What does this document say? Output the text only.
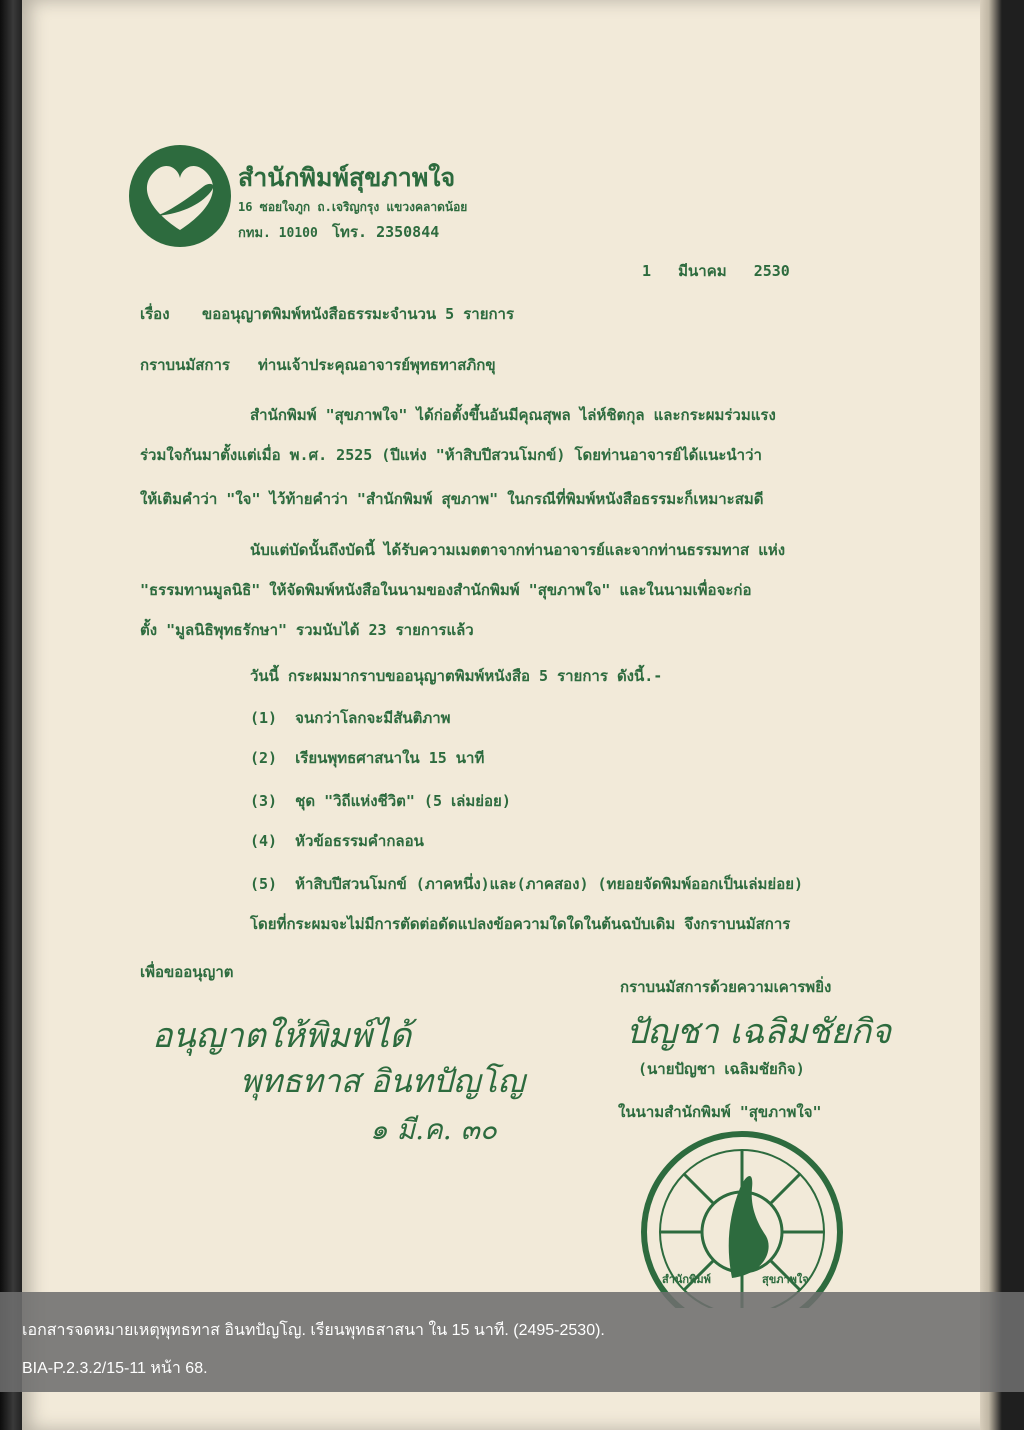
สำนักพิมพ์สุขภาพใจ
16 ซอยใจภูก ถ.เจริญกรุง แขวงคลาดน้อย
กทม. 10100 โทร. 2350844
1   มีนาคม   2530
เรื่อง ขออนุญาตพิมพ์หนังสือธรรมะจำนวน 5 รายการ
กราบนมัสการ ท่านเจ้าประคุณอาจารย์พุทธทาสภิกขุ
สำนักพิมพ์ "สุขภาพใจ" ได้ก่อตั้งขึ้นอันมีคุณสุพล ไล่ห์ชิตกุล และกระผมร่วมแรง
ร่วมใจกันมาตั้งแต่เมื่อ พ.ศ. 2525 (ปีแห่ง "ห้าสิบปีสวนโมกข์) โดยท่านอาจารย์ได้แนะนำว่า
ให้เติมคำว่า "ใจ" ไว้ท้ายคำว่า "สำนักพิมพ์ สุขภาพ" ในกรณีที่พิมพ์หนังสือธรรมะก็เหมาะสมดี
นับแต่บัดนั้นถึงบัดนี้ ได้รับความเมตตาจากท่านอาจารย์และจากท่านธรรมทาส แห่ง
"ธรรมทานมูลนิธิ" ให้จัดพิมพ์หนังสือในนามของสำนักพิมพ์ "สุขภาพใจ" และในนามเพื่อจะก่อ
ตั้ง "มูลนิธิพุทธรักษา" รวมนับได้ 23 รายการแล้ว
วันนี้ กระผมมากราบขออนุญาตพิมพ์หนังสือ 5 รายการ ดังนี้.-
(1)  จนกว่าโลกจะมีสันติภาพ
(2)  เรียนพุทธศาสนาใน 15 นาที
(3)  ชุด "วิถีแห่งชีวิต" (5 เล่มย่อย)
(4)  หัวข้อธรรมคำกลอน
(5)  ห้าสิบปีสวนโมกข์ (ภาคหนึ่ง)และ(ภาคสอง) (ทยอยจัดพิมพ์ออกเป็นเล่มย่อย)
โดยที่กระผมจะไม่มีการตัดต่อดัดแปลงข้อความใดใดในต้นฉบับเดิม จึงกราบนมัสการ
เพื่อขออนุญาต
กราบนมัสการด้วยความเคารพยิ่ง
อนุญาตให้พิมพ์ได้
พุทธทาส อินทปัญโญ
๑ มี.ค. ๓๐
ปัญชา เฉลิมชัยกิจ
(นายปัญชา เฉลิมชัยกิจ)
ในนามสำนักพิมพ์ "สุขภาพใจ"
สำนักพิมพ์	สุขภาพใจ
เอกสารจดหมายเหตุพุทธทาส อินทปัญโญ. เรียนพุทธสาสนา ใน 15 นาที. (2495-2530).
BIA-P.2.3.2/15-11 หน้า 68.
